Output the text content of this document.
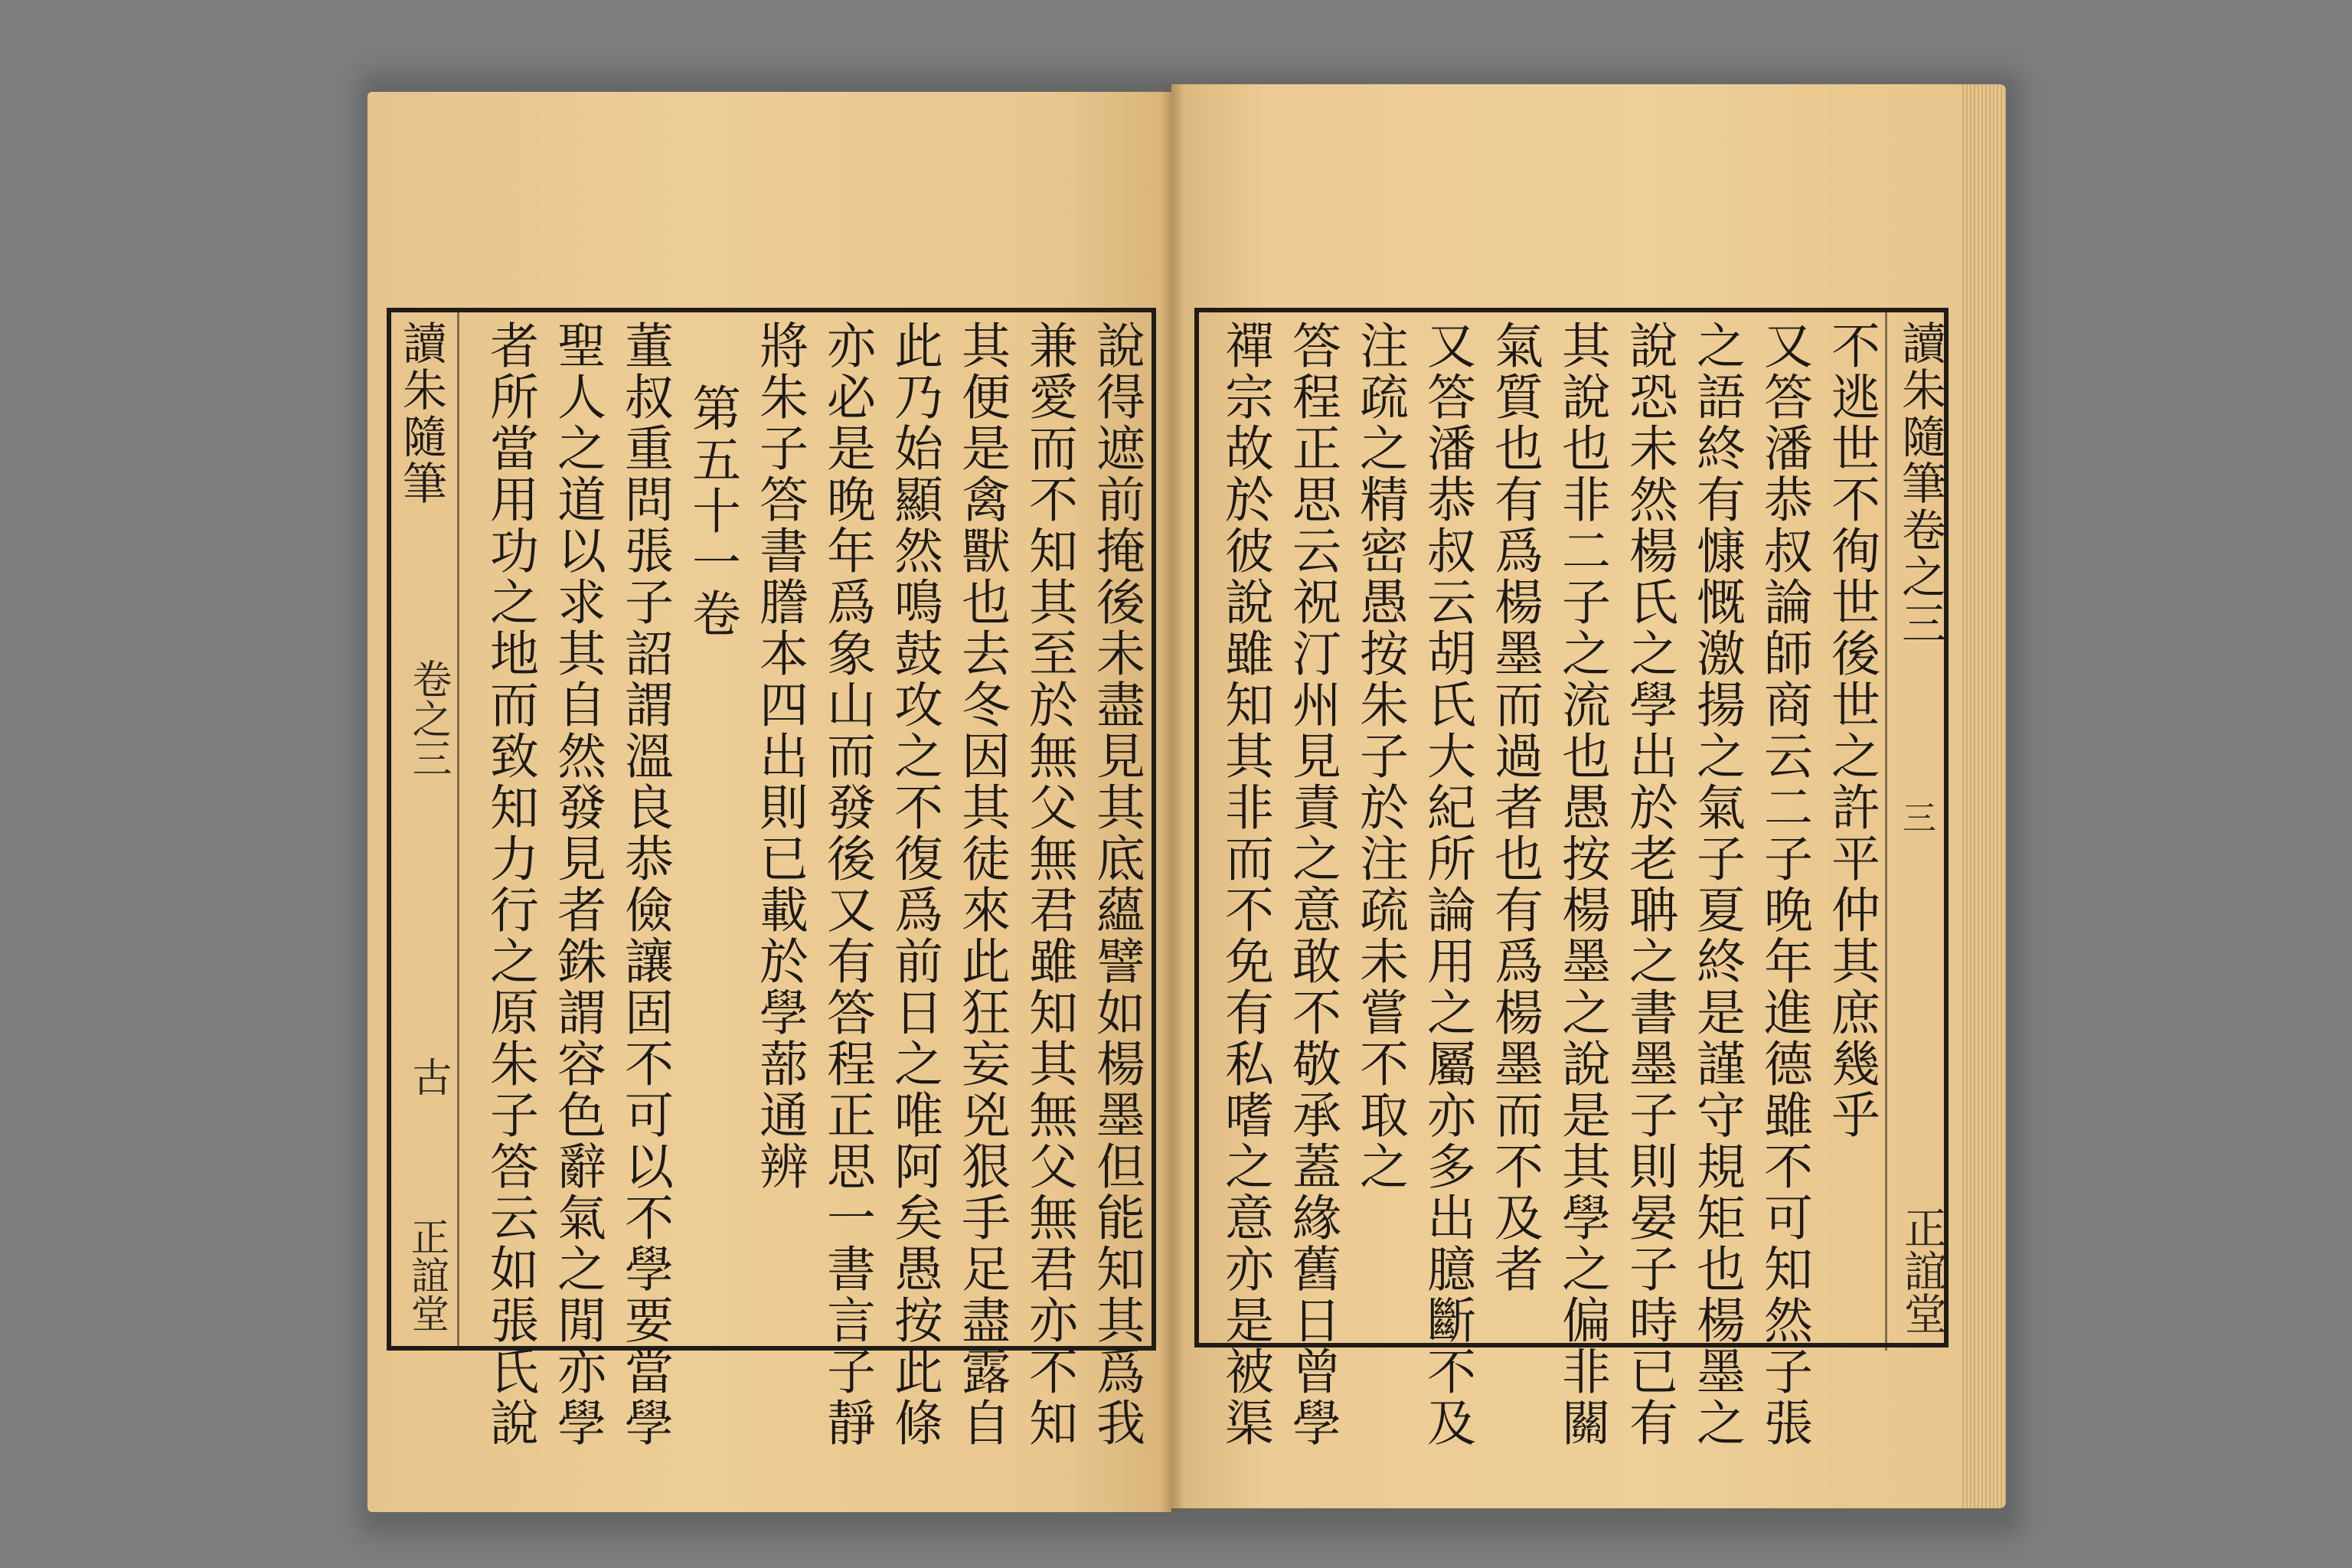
讀朱隨筆卷之三
三
正誼堂
不逃世不徇世後世之許平仲其庶幾乎
又答潘恭叔論師商云二子晚年進德雖不可知然子張
之語終有慷慨激揚之氣子夏終是謹守規矩也楊墨之
說恐未然楊氏之學出於老聃之書墨子則晏子時已有
其說也非二子之流也愚按楊墨之說是其學之偏非關
氣質也有爲楊墨而過者也有爲楊墨而不及者
又答潘恭叔云胡氏大紀所論用之屬亦多出臆斷不及
注疏之精密愚按朱子於注疏未嘗不取之
答程正思云祝汀州見責之意敢不敬承蓋緣舊日曾學
禪宗故於彼說雖知其非而不免有私嗜之意亦是被渠
說得遮前掩後未盡見其底蘊譬如楊墨但能知其爲我
兼愛而不知其至於無父無君雖知其無父無君亦不知
其便是禽獸也去冬因其徒來此狂妄兇狠手足盡露自
此乃始顯然鳴鼓攻之不復爲前日之唯阿矣愚按此條
亦必是晚年爲象山而發後又有答程正思一書言子靜
將朱子答書謄本四出則已載於學蔀通辨
第五十一卷
董叔重問張子詔謂溫良恭儉讓固不可以不學要當學
聖人之道以求其自然發見者銖謂容色辭氣之閒亦學
者所當用功之地而致知力行之原朱子答云如張氏說
讀朱隨筆
卷之三
古
正誼堂
